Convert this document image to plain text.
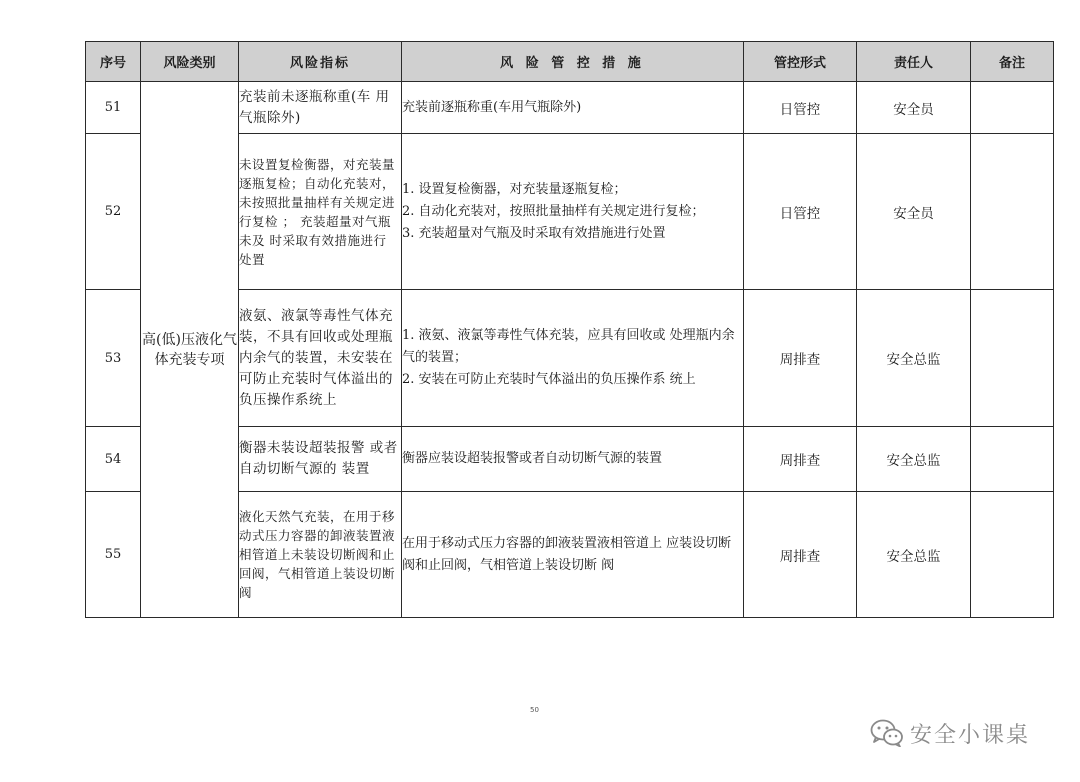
序号	风险类别	风险指标	风 险 管 控 措 施	管控形式	责任人	备注
51	高(低)压液化气体充装专项	充装前未逐瓶称重(车 用气瓶除外)	充装前逐瓶称重(车用气瓶除外)	日管控	安全员	
52		未设置复检衡器，对充装量逐瓶复检；自动化充装对，未按照批量抽样有关规定进行复检 ； 充装超量对气瓶未及 时采取有效措施进行 处置	1. 设置复检衡器，对充装量逐瓶复检；
2. 自动化充装对，按照批量抽样有关规定进行复检；
3. 充装超量对气瓶及时采取有效措施进行处置	日管控	安全员	
53		液氨、液氯等毒性气体充装，不具有回收或处理瓶内余气的装置，未安装在可防止充装时气体溢出的负压操作系统上	1. 液氨、液氯等毒性气体充装，应具有回收或 处理瓶内余气的装置；
2. 安装在可防止充装时气体溢出的负压操作系 统上	周排查	安全总监	
54		衡器未装设超装报警 或者自动切断气源的 装置	衡器应装设超装报警或者自动切断气源的装置	周排查	安全总监	
55		液化天然气充装，在用于移动式压力容器的卸液装置液相管道上未装设切断阀和止回阀，气相管道上装设切断阀	在用于移动式压力容器的卸液装置液相管道上 应装设切断阀和止回阀，气相管道上装设切断 阀	周排查	安全总监	
50
安全小课桌
